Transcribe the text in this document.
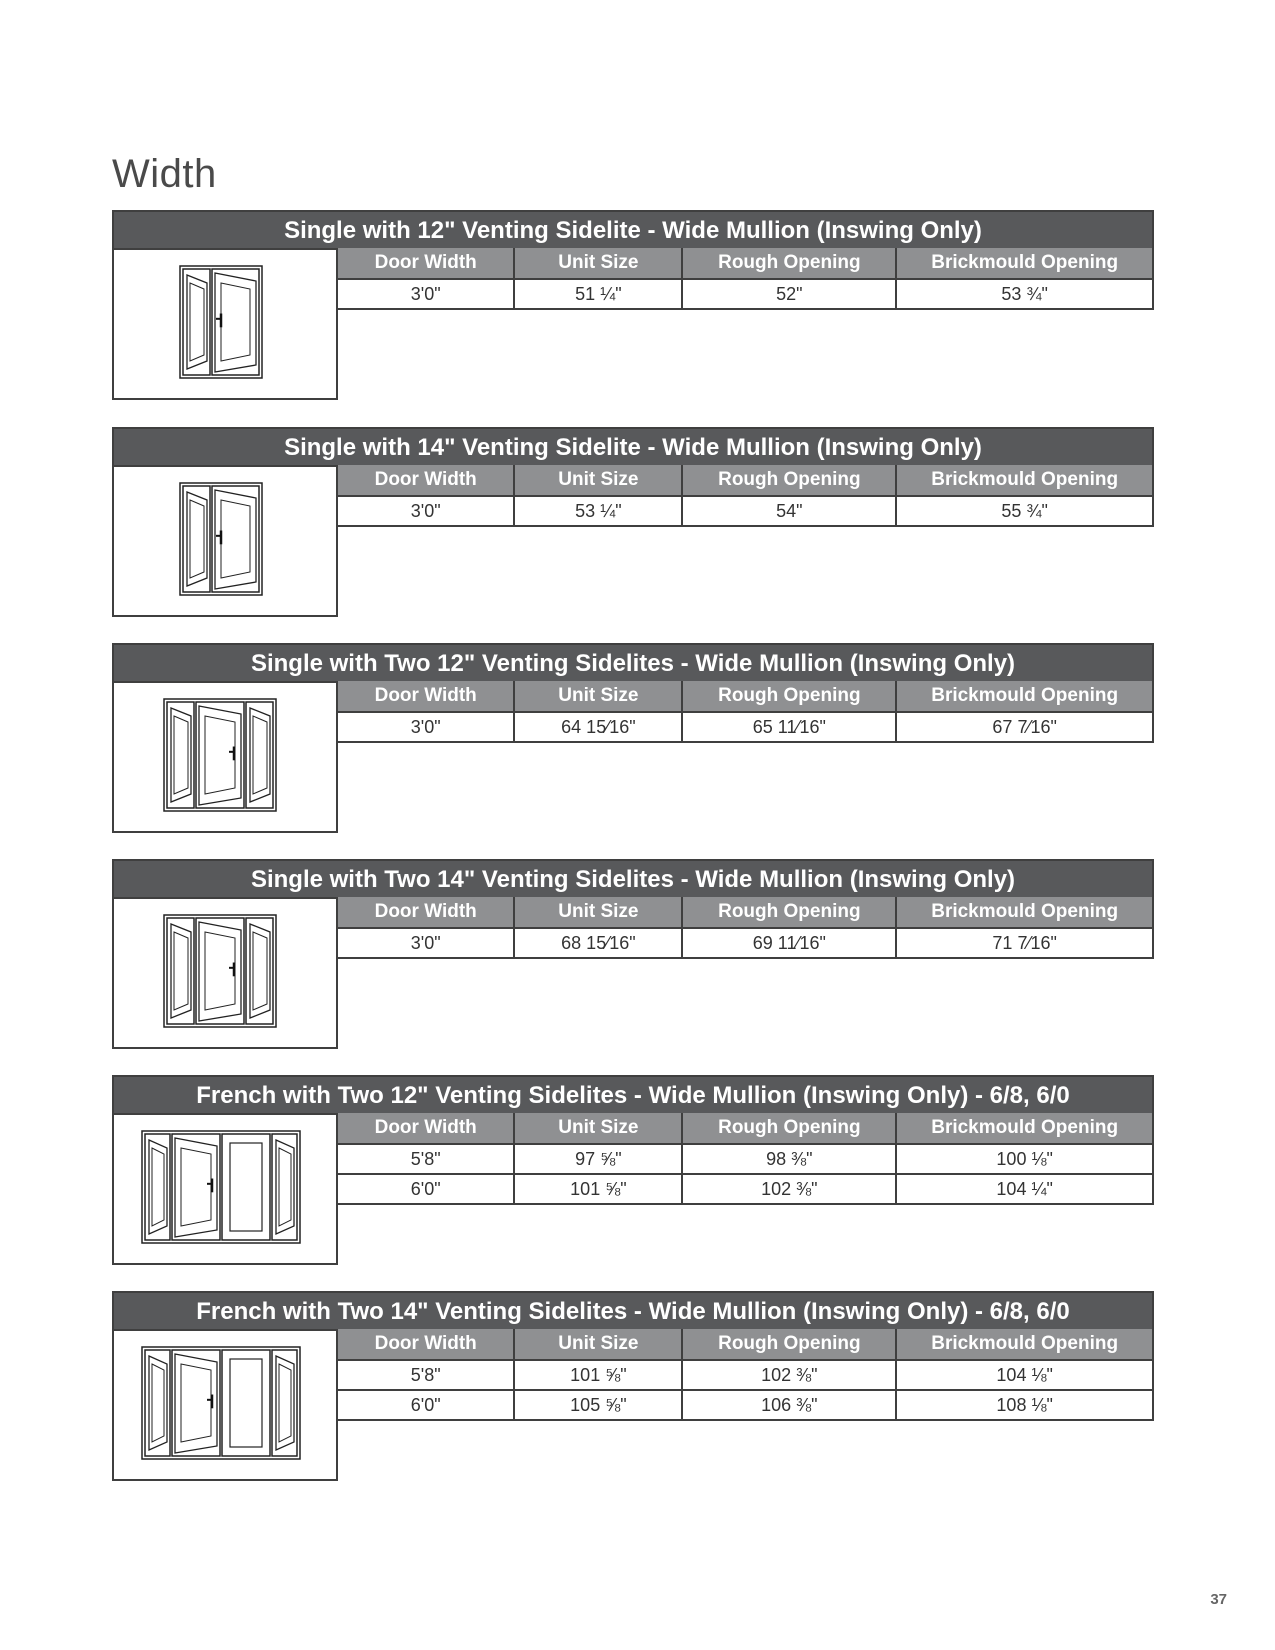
Width
Single with 12" Venting Sidelite - Wide Mullion (Inswing Only)
Door Width	Unit Size	Rough Opening	Brickmould Opening
3'0"	51 ¼"	52"	53 ¾"
Single with 14" Venting Sidelite - Wide Mullion (Inswing Only)
Door Width	Unit Size	Rough Opening	Brickmould Opening
3'0"	53 ¼"	54"	55 ¾"
Single with Two 12" Venting Sidelites - Wide Mullion (Inswing Only)
Door Width	Unit Size	Rough Opening	Brickmould Opening
3'0"	64 15⁄16"	65 11⁄16"	67 7⁄16"
Single with Two 14" Venting Sidelites - Wide Mullion (Inswing Only)
Door Width	Unit Size	Rough Opening	Brickmould Opening
3'0"	68 15⁄16"	69 11⁄16"	71 7⁄16"
French with Two 12" Venting Sidelites - Wide Mullion (Inswing Only) - 6/8, 6/0
Door Width	Unit Size	Rough Opening	Brickmould Opening
5'8"	97 ⅝"	98 ⅜"	100 ⅛"
6'0"	101 ⅝"	102 ⅜"	104 ¼"
French with Two 14" Venting Sidelites - Wide Mullion (Inswing Only) - 6/8, 6/0
Door Width	Unit Size	Rough Opening	Brickmould Opening
5'8"	101 ⅝"	102 ⅜"	104 ⅛"
6'0"	105 ⅝"	106 ⅜"	108 ⅛"
37
